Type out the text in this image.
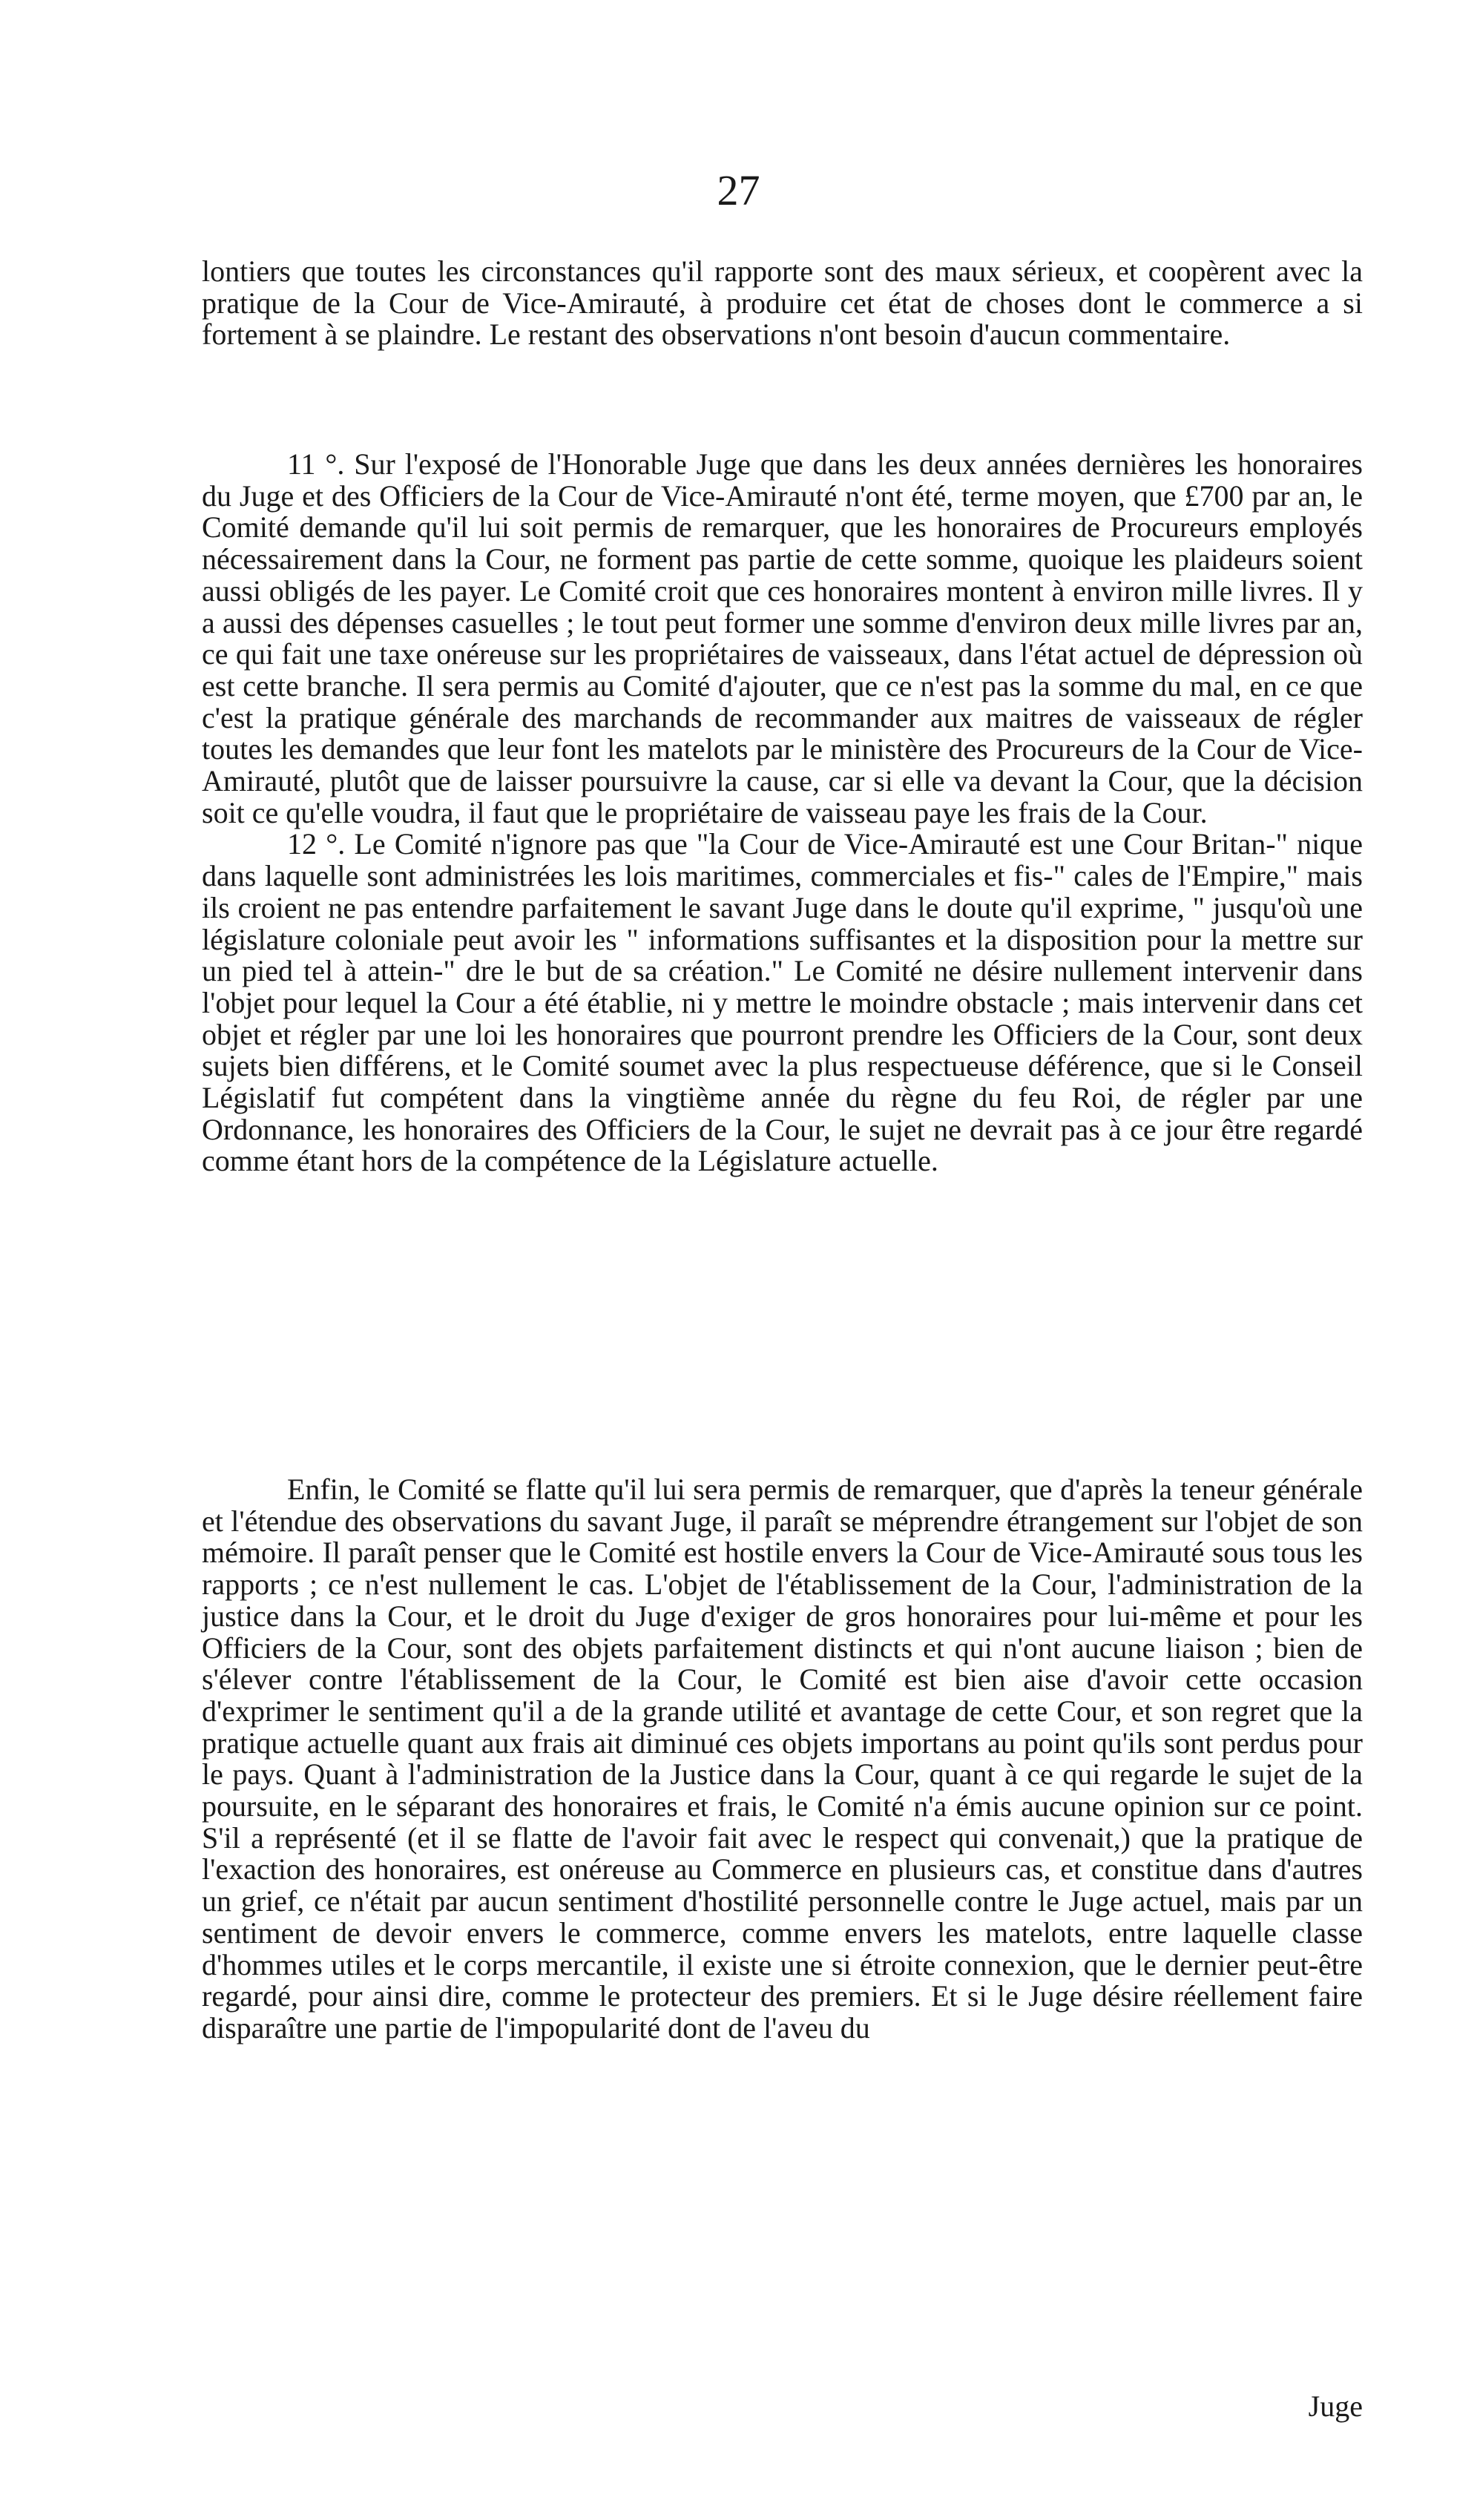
27

lontiers que toutes les circonstances qu'il rapporte sont des maux sérieux, et coopèrent avec la pratique de la Cour de Vice-Amirauté, à produire cet état de choses dont le commerce a si fortement à se plaindre. Le restant des observations n'ont besoin d'aucun commentaire.

11 °. Sur l'exposé de l'Honorable Juge que dans les deux années dernières les honoraires du Juge et des Officiers de la Cour de Vice-Amirauté n'ont été, terme moyen, que £700 par an, le Comité demande qu'il lui soit permis de remarquer, que les honoraires de Procureurs employés nécessairement dans la Cour, ne forment pas partie de cette somme, quoique les plaideurs soient aussi obligés de les payer. Le Comité croit que ces honoraires montent à environ mille livres. Il y a aussi des dépenses casuelles ; le tout peut former une somme d'environ deux mille livres par an, ce qui fait une taxe onéreuse sur les propriétaires de vaisseaux, dans l'état actuel de dépression où est cette branche. Il sera permis au Comité d'ajouter, que ce n'est pas la somme du mal, en ce que c'est la pratique générale des marchands de recommander aux maitres de vaisseaux de régler toutes les demandes que leur font les matelots par le ministère des Procureurs de la Cour de Vice-Amirauté, plutôt que de laisser poursuivre la cause, car si elle va devant la Cour, que la décision soit ce qu'elle voudra, il faut que le propriétaire de vaisseau paye les frais de la Cour.

12 °. Le Comité n'ignore pas que "la Cour de Vice-Amirauté est une Cour Britan-" nique dans laquelle sont administrées les lois maritimes, commerciales et fis-" cales de l'Empire," mais ils croient ne pas entendre parfaitement le savant Juge dans le doute qu'il exprime, " jusqu'où une législature coloniale peut avoir les " informations suffisantes et la disposition pour la mettre sur un pied tel à attein-" dre le but de sa création." Le Comité ne désire nullement intervenir dans l'objet pour lequel la Cour a été établie, ni y mettre le moindre obstacle ; mais intervenir dans cet objet et régler par une loi les honoraires que pourront prendre les Officiers de la Cour, sont deux sujets bien différens, et le Comité soumet avec la plus respectueuse déférence, que si le Conseil Législatif fut compétent dans la vingtième année du règne du feu Roi, de régler par une Ordonnance, les honoraires des Officiers de la Cour, le sujet ne devrait pas à ce jour être regardé comme étant hors de la compétence de la Législature actuelle.

Enfin, le Comité se flatte qu'il lui sera permis de remarquer, que d'après la teneur générale et l'étendue des observations du savant Juge, il paraît se méprendre étrangement sur l'objet de son mémoire. Il paraît penser que le Comité est hostile envers la Cour de Vice-Amirauté sous tous les rapports ; ce n'est nullement le cas. L'objet de l'établissement de la Cour, l'administration de la justice dans la Cour, et le droit du Juge d'exiger de gros honoraires pour lui-même et pour les Officiers de la Cour, sont des objets parfaitement distincts et qui n'ont aucune liaison ; bien de s'élever contre l'établissement de la Cour, le Comité est bien aise d'avoir cette occasion d'exprimer le sentiment qu'il a de la grande utilité et avantage de cette Cour, et son regret que la pratique actuelle quant aux frais ait diminué ces objets importans au point qu'ils sont perdus pour le pays. Quant à l'administration de la Justice dans la Cour, quant à ce qui regarde le sujet de la poursuite, en le séparant des honoraires et frais, le Comité n'a émis aucune opinion sur ce point. S'il a représenté (et il se flatte de l'avoir fait avec le respect qui convenait,) que la pratique de l'exaction des honoraires, est onéreuse au Commerce en plusieurs cas, et constitue dans d'autres un grief, ce n'était par aucun sentiment d'hostilité personnelle contre le Juge actuel, mais par un sentiment de devoir envers le commerce, comme envers les matelots, entre laquelle classe d'hommes utiles et le corps mercantile, il existe une si étroite connexion, que le dernier peut-être regardé, pour ainsi dire, comme le protecteur des premiers. Et si le Juge désire réellement faire disparaître une partie de l'impopularité dont de l'aveu du

Juge
